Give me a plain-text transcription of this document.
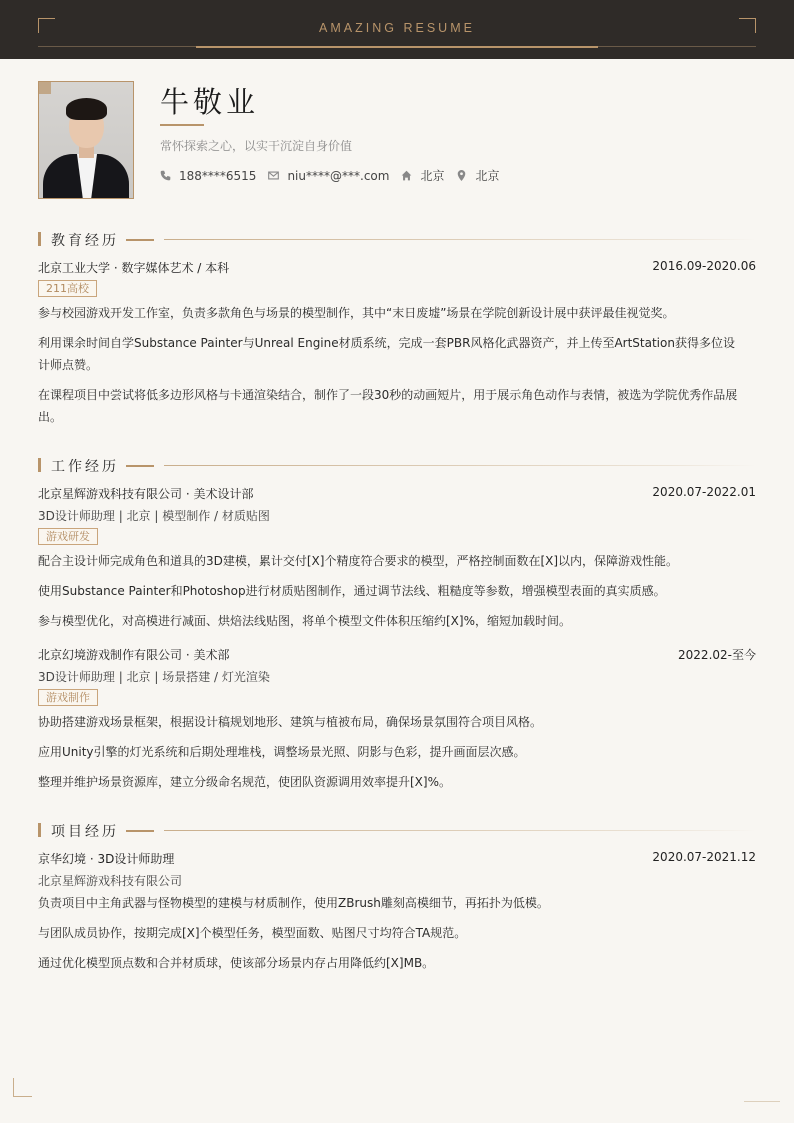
AMAZING RESUME
牛敬业
常怀探索之心，以实干沉淀自身价值
188****6515	niu****@***.com	北京	北京
教育经历
北京工业大学 · 数字媒体艺术 / 本科	2016.09-2020.06
211高校

参与校园游戏开发工作室，负责多款角色与场景的模型制作，其中“末日废墟”场景在学院创新设计展中获评最佳视觉奖。

利用课余时间自学Substance Painter与Unreal Engine材质系统，完成一套PBR风格化武器资产，并上传至ArtStation获得多位设计师点赞。

在课程项目中尝试将低多边形风格与卡通渲染结合，制作了一段30秒的动画短片，用于展示角色动作与表情，被选为学院优秀作品展出。

工作经历
北京星辉游戏科技有限公司 · 美术设计部	2020.07-2022.01
3D设计师助理 | 北京 | 模型制作 / 材质贴图
游戏研发

配合主设计师完成角色和道具的3D建模，累计交付[X]个精度符合要求的模型，严格控制面数在[X]以内，保障游戏性能。

使用Substance Painter和Photoshop进行材质贴图制作，通过调节法线、粗糙度等参数，增强模型表面的真实质感。

参与模型优化，对高模进行减面、烘焙法线贴图，将单个模型文件体积压缩约[X]%，缩短加载时间。

北京幻境游戏制作有限公司 · 美术部	2022.02-至今
3D设计师助理 | 北京 | 场景搭建 / 灯光渲染
游戏制作

协助搭建游戏场景框架，根据设计稿规划地形、建筑与植被布局，确保场景氛围符合项目风格。

应用Unity引擎的灯光系统和后期处理堆栈，调整场景光照、阴影与色彩，提升画面层次感。

整理并维护场景资源库，建立分级命名规范，使团队资源调用效率提升[X]%。

项目经历
京华幻境 · 3D设计师助理	2020.07-2021.12
北京星辉游戏科技有限公司

负责项目中主角武器与怪物模型的建模与材质制作，使用ZBrush雕刻高模细节，再拓扑为低模。

与团队成员协作，按期完成[X]个模型任务，模型面数、贴图尺寸均符合TA规范。

通过优化模型顶点数和合并材质球，使该部分场景内存占用降低约[X]MB。
